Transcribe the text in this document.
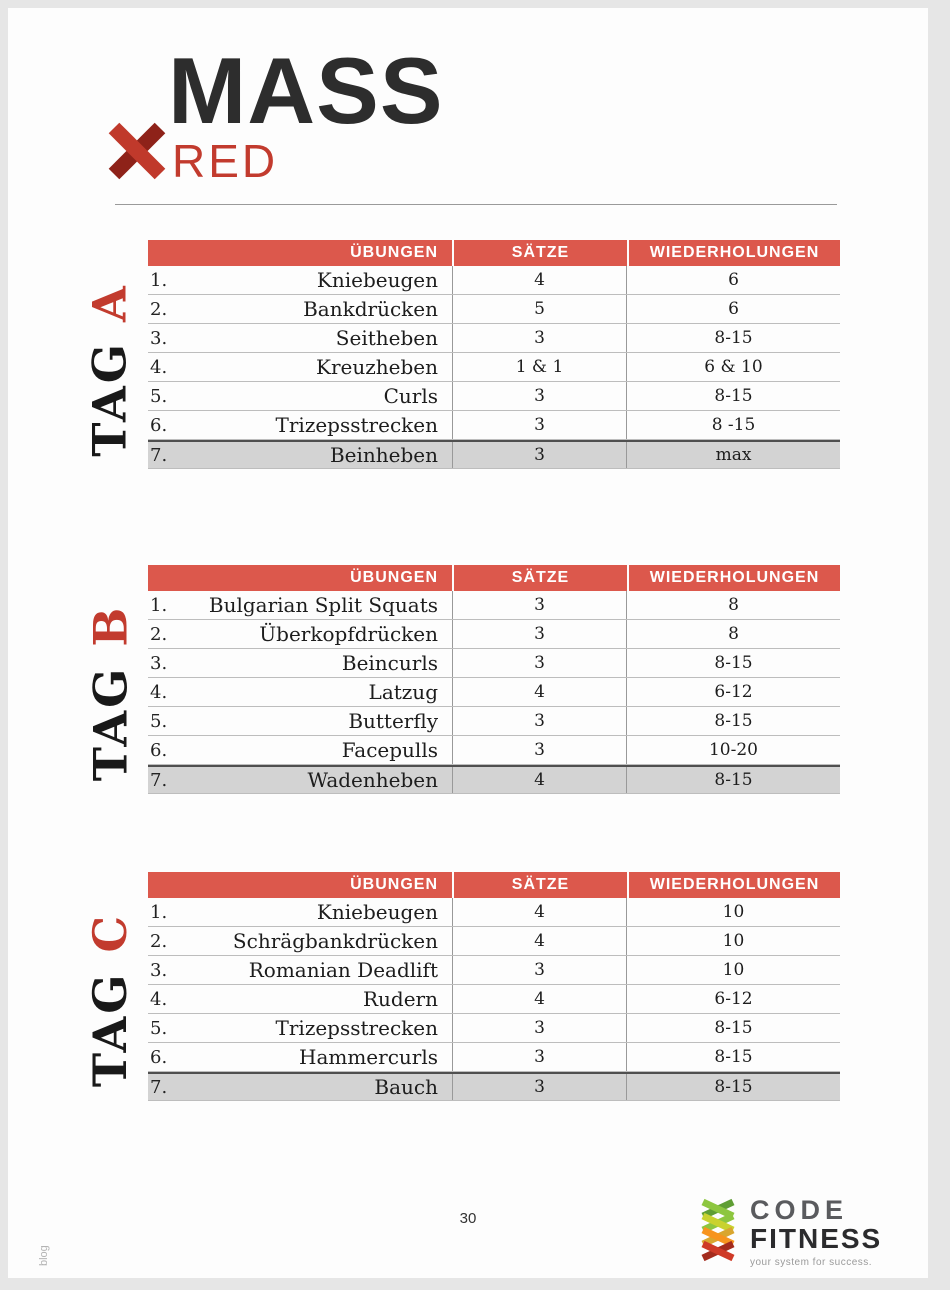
MASS
RED
TAG A
ÜBUNGEN	SÄTZE	WIEDERHOLUNGEN
1.	Kniebeugen	4	6
2.	Bankdrücken	5	6
3.	Seitheben	3	8-15
4.	Kreuzheben	1 & 1	6 & 10
5.	Curls	3	8-15
6.	Trizepsstrecken	3	8 -15
7.	Beinheben	3	max
TAG B
ÜBUNGEN	SÄTZE	WIEDERHOLUNGEN
1. Bulgarian Split Squats	3	8
2.	Überkopfdrücken	3	8
3.	Beincurls	3	8-15
4.	Latzug	4	6-12
5.	Butterfly	3	8-15
6.	Facepulls	3	10-20
7.	Wadenheben	4	8-15
TAG C
ÜBUNGEN	SÄTZE	WIEDERHOLUNGEN
1.	Kniebeugen	4	10
2.	Schrägbankdrücken	4	10
3.	Romanian Deadlift	3	10
4.	Rudern	4	6-12
5.	Trizepsstrecken	3	8-15
6.	Hammercurls	3	8-15
7.	Bauch	3	8-15
30	CODE
FITNESS
your system for success.
blog
